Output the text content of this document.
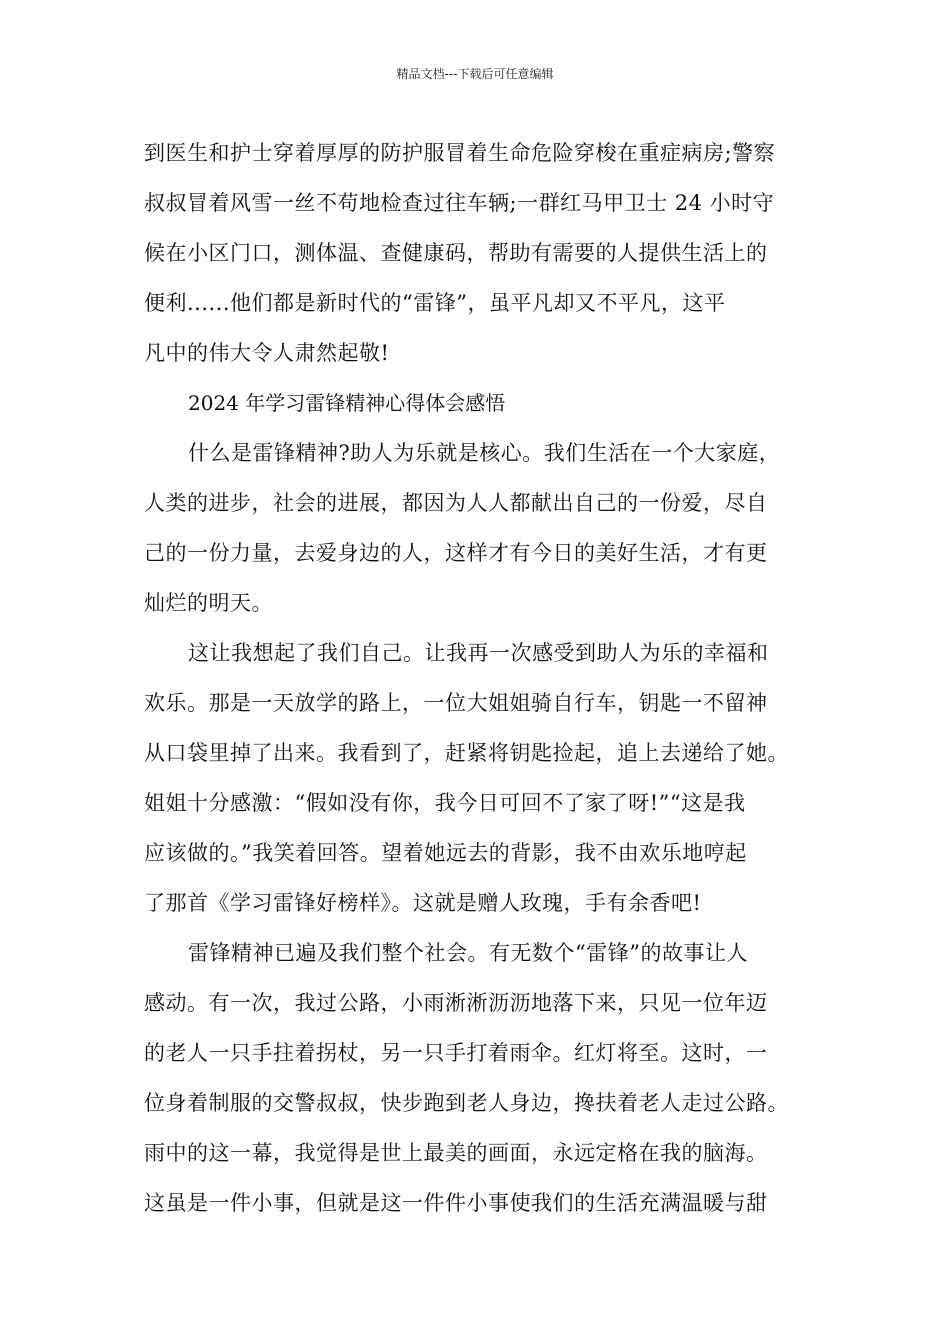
精品文档---下载后可任意编辑

到医生和护士穿着厚厚的防护服冒着生命危险穿梭在重症病房;警察
叔叔冒着风雪一丝不苟地检查过往车辆;一群红马甲卫士 24 小时守
候在小区门口，测体温、查健康码，帮助有需要的人提供生活上的
便利......他们都是新时代的“雷锋”，虽平凡却又不平凡，这平
凡中的伟大令人肃然起敬!

2024 年学习雷锋精神心得体会感悟

什么是雷锋精神?助人为乐就是核心。我们生活在一个大家庭，
人类的进步，社会的进展，都因为人人都献出自己的一份爱，尽自
己的一份力量，去爱身边的人，这样才有今日的美好生活，才有更
灿烂的明天。

这让我想起了我们自己。让我再一次感受到助人为乐的幸福和
欢乐。那是一天放学的路上，一位大姐姐骑自行车，钥匙一不留神
从口袋里掉了出来。我看到了，赶紧将钥匙捡起，追上去递给了她。
姐姐十分感激：“假如没有你，我今日可回不了家了呀!”“这是我
应该做的。”我笑着回答。望着她远去的背影，我不由欢乐地哼起
了那首《学习雷锋好榜样》。这就是赠人玫瑰，手有余香吧!

雷锋精神已遍及我们整个社会。有无数个“雷锋”的故事让人
感动。有一次，我过公路，小雨淅淅沥沥地落下来，只见一位年迈
的老人一只手拄着拐杖，另一只手打着雨伞。红灯将至。这时，一
位身着制服的交警叔叔，快步跑到老人身边，搀扶着老人走过公路。
雨中的这一幕，我觉得是世上最美的画面，永远定格在我的脑海。
这虽是一件小事，但就是这一件件小事使我们的生活充满温暖与甜
